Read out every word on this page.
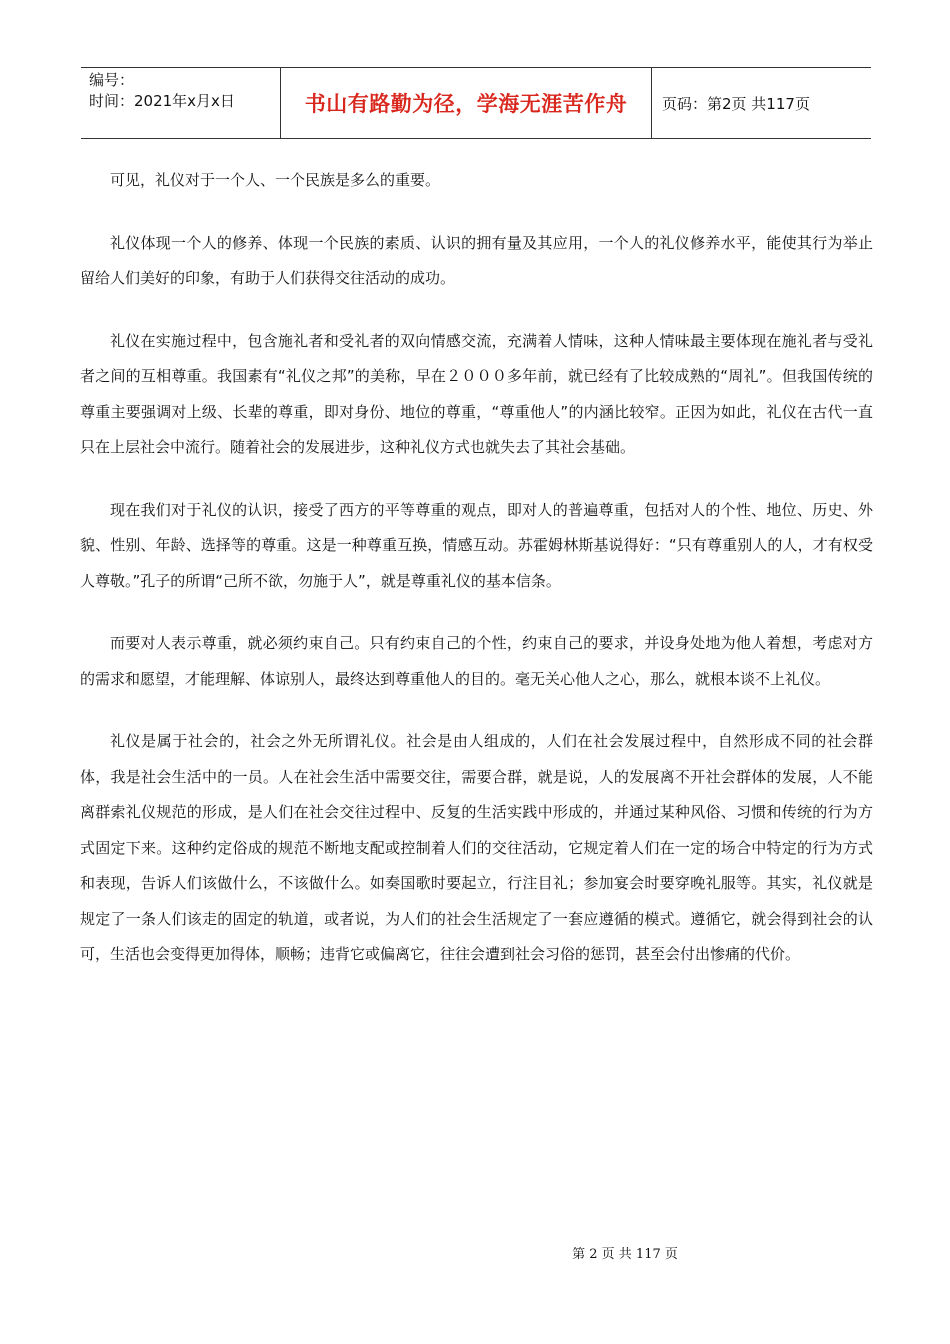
编号：
时间：2021年x月x日	书山有路勤为径，学海无涯苦作舟	页码：第2页 共117页

可见，礼仪对于一个人、一个民族是多么的重要。

礼仪体现一个人的修养、体现一个民族的素质、认识的拥有量及其应用，一个人的礼仪修养水平，能使其行为举止留给人们美好的印象，有助于人们获得交往活动的成功。

礼仪在实施过程中，包含施礼者和受礼者的双向情感交流，充满着人情味，这种人情味最主要体现在施礼者与受礼者之间的互相尊重。我国素有“礼仪之邦”的美称，早在２０００多年前，就已经有了比较成熟的“周礼”。但我国传统的尊重主要强调对上级、长辈的尊重，即对身份、地位的尊重，“尊重他人”的内涵比较窄。正因为如此，礼仪在古代一直只在上层社会中流行。随着社会的发展进步，这种礼仪方式也就失去了其社会基础。

现在我们对于礼仪的认识，接受了西方的平等尊重的观点，即对人的普遍尊重，包括对人的个性、地位、历史、外貌、性别、年龄、选择等的尊重。这是一种尊重互换，情感互动。苏霍姆林斯基说得好：“只有尊重别人的人，才有权受人尊敬。”孔子的所谓“己所不欲，勿施于人”，就是尊重礼仪的基本信条。

而要对人表示尊重，就必须约束自己。只有约束自己的个性，约束自己的要求，并设身处地为他人着想，考虑对方的需求和愿望，才能理解、体谅别人，最终达到尊重他人的目的。毫无关心他人之心，那么，就根本谈不上礼仪。

礼仪是属于社会的，社会之外无所谓礼仪。社会是由人组成的，人们在社会发展过程中，自然形成不同的社会群体，我是社会生活中的一员。人在社会生活中需要交往，需要合群，就是说，人的发展离不开社会群体的发展，人不能离群索礼仪规范的形成，是人们在社会交往过程中、反复的生活实践中形成的，并通过某种风俗、习惯和传统的行为方式固定下来。这种约定俗成的规范不断地支配或控制着人们的交往活动，它规定着人们在一定的场合中特定的行为方式和表现，告诉人们该做什么，不该做什么。如奏国歌时要起立，行注目礼；参加宴会时要穿晚礼服等。其实，礼仪就是规定了一条人们该走的固定的轨道，或者说，为人们的社会生活规定了一套应遵循的模式。遵循它，就会得到社会的认可，生活也会变得更加得体，顺畅；违背它或偏离它，往往会遭到社会习俗的惩罚，甚至会付出惨痛的代价。

第 2 页 共 117 页
